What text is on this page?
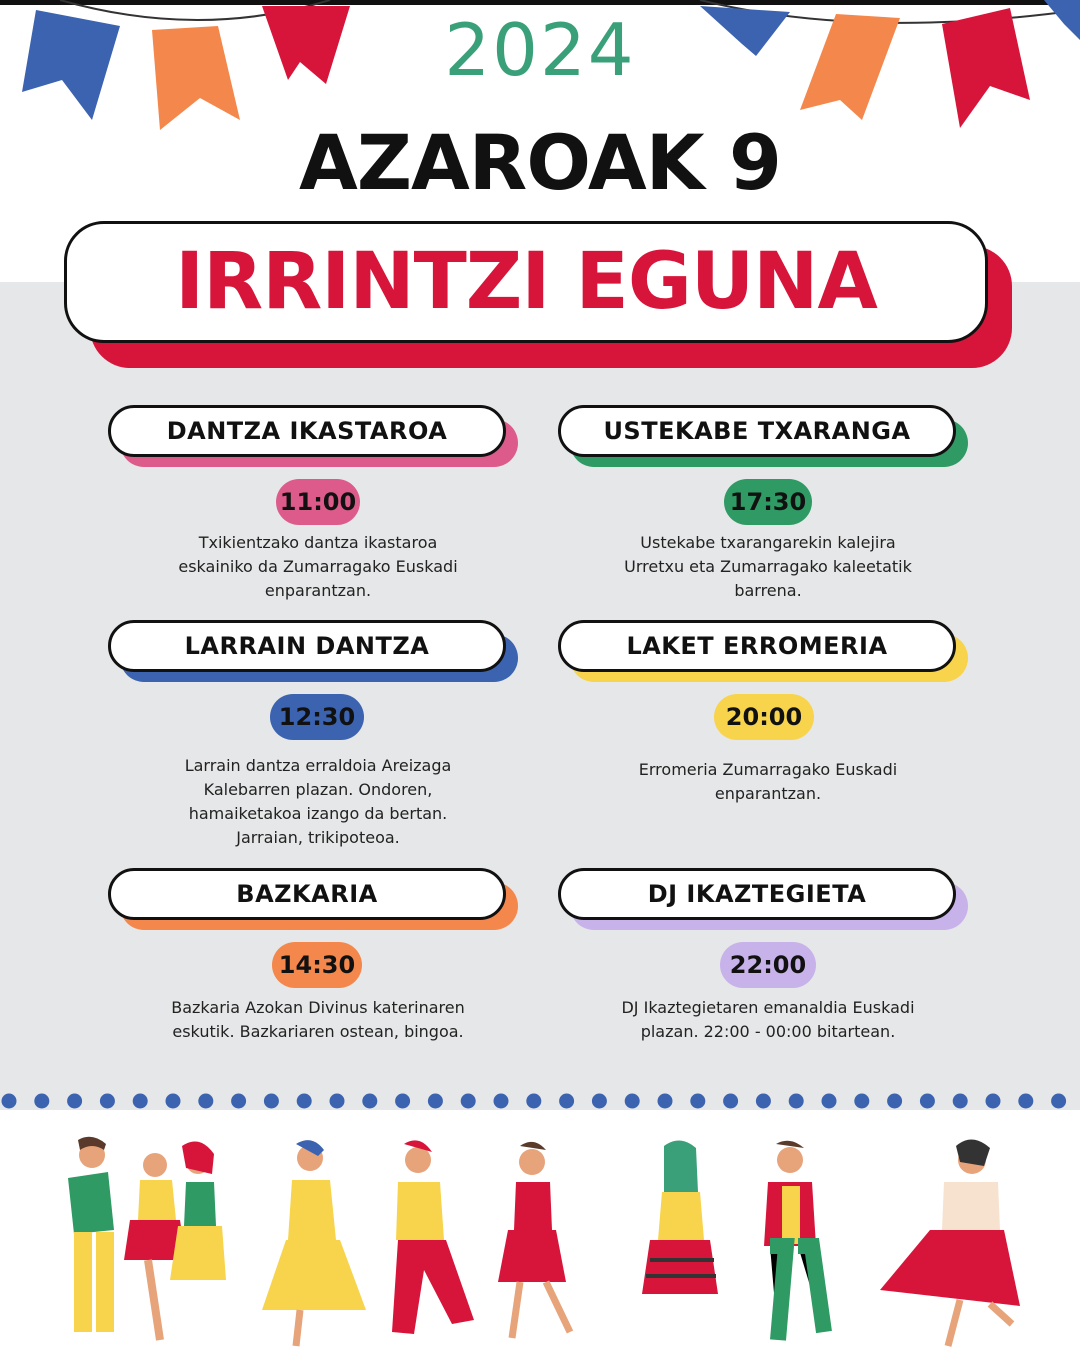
2024
AZAROAK 9
IRRINTZI EGUNA
DANTZA IKASTAROA
11:00
Txikientzako dantza ikastaroa
eskainiko da Zumarragako Euskadi
enparantzan.
USTEKABE TXARANGA
17:30
Ustekabe txarangarekin kalejira
Urretxu eta Zumarragako kaleetatik
barrena.
LARRAIN DANTZA
12:30
Larrain dantza erraldoia Areizaga
Kalebarren plazan. Ondoren,
hamaiketakoa izango da bertan.
Jarraian, trikipoteoa.
LAKET ERROMERIA
20:00
Erromeria Zumarragako Euskadi
enparantzan.
BAZKARIA
14:30
Bazkaria Azokan Divinus katerinaren
eskutik. Bazkariaren ostean, bingoa.
DJ IKAZTEGIETA
22:00
DJ Ikaztegietaren emanaldia Euskadi
plazan. 22:00 - 00:00 bitartean.
